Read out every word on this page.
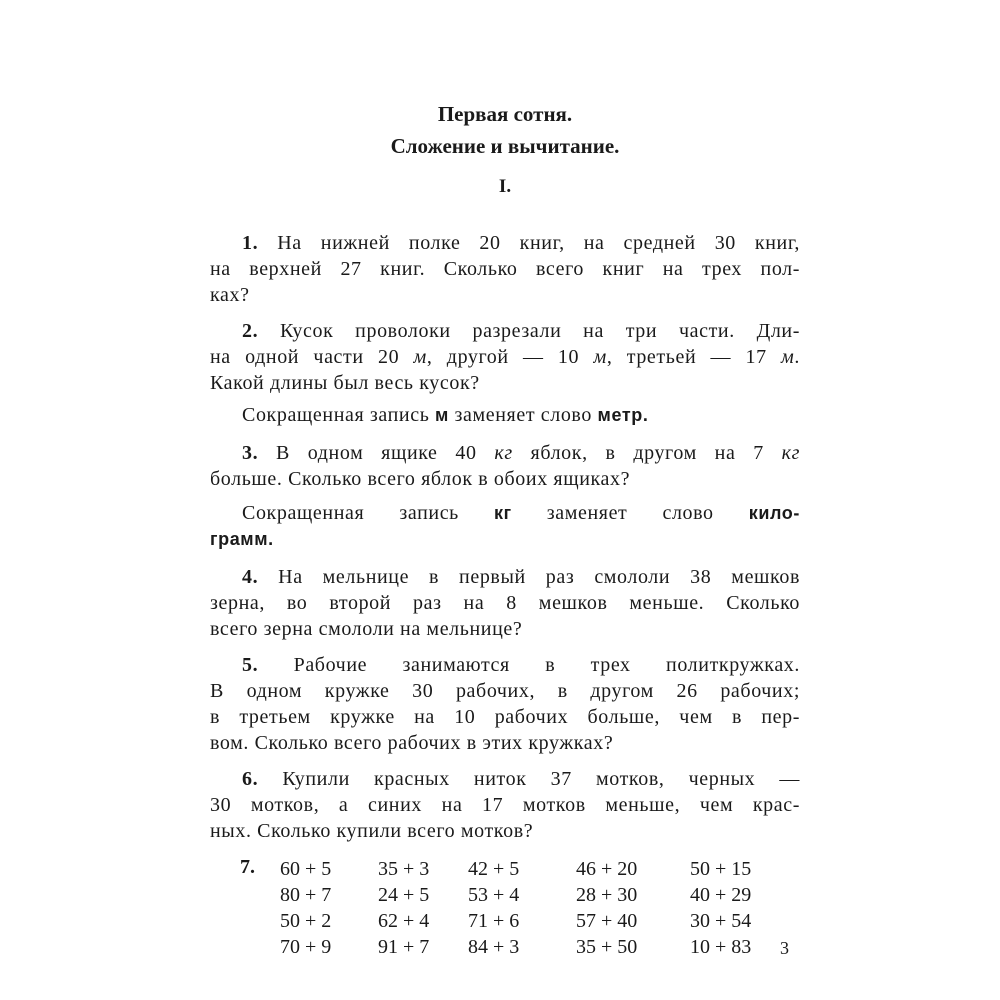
Первая сотня.
Сложение и вычитание.
I.
1. На нижней полке 20 книг, на средней 30 книг,
на верхней 27 книг. Сколько всего книг на трех пол-
ках?
2. Кусок проволоки разрезали на три части. Дли-
на одной части 20 м, другой — 10 м, третьей — 17 м.
Какой длины был весь кусок?
Сокращенная запись м заменяет слово метр.
3. В одном ящике 40 кг яблок, в другом на 7 кг
больше. Сколько всего яблок в обоих ящиках?
Сокращенная запись кг заменяет слово кило-
грамм.
4. На мельнице в первый раз смололи 38 мешков
зерна, во второй раз на 8 мешков меньше. Сколько
всего зерна смололи на мельнице?
5. Рабочие занимаются в трех политкружках.
В одном кружке 30 рабочих, в другом 26 рабочих;
в третьем кружке на 10 рабочих больше, чем в пер-
вом. Сколько всего рабочих в этих кружках?
6. Купили красных ниток 37 мотков, черных —
30 мотков, а синих на 17 мотков меньше, чем крас-
ных. Сколько купили всего мотков?
7. 60 + 5
80 + 7
50 + 2
70 + 9
35 + 3
24 + 5
62 + 4
91 + 7
42 + 5
53 + 4
71 + 6
84 + 3
46 + 20
28 + 30
57 + 40
35 + 50
50 + 15
40 + 29
30 + 54
10 + 83 3
